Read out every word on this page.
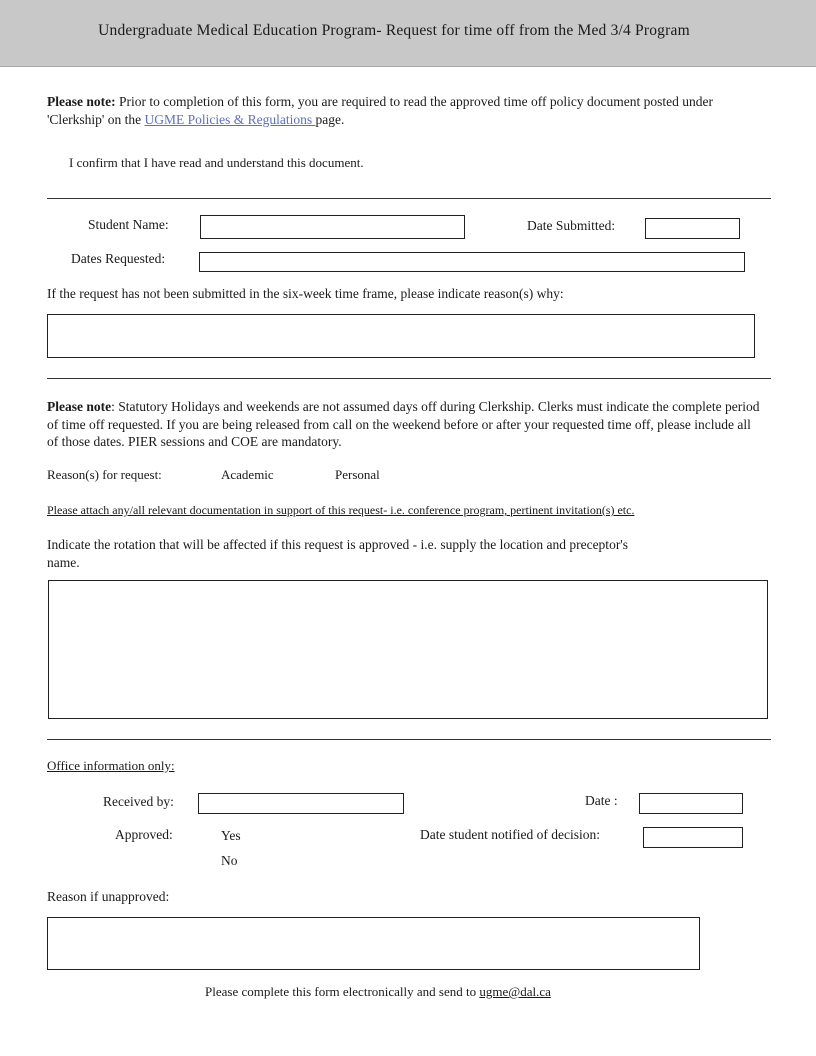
Undergraduate Medical Education Program- Request for time off from the Med 3/4 Program
Please note: Prior to completion of this form, you are required to read the approved time off policy document posted under 'Clerkship' on the UGME Policies & Regulations page.
I confirm that I have read and understand this document.
Student Name:	Date Submitted:
Dates Requested:
If the request has not been submitted in the six-week time frame, please indicate reason(s) why:
Please note: Statutory Holidays and weekends are not assumed days off during Clerkship. Clerks must indicate the complete period of time off requested. If you are being released from call on the weekend before or after your requested time off, please include all of those dates. PIER sessions and COE are mandatory.
Reason(s) for request:	Academic	Personal
Please attach any/all relevant documentation in support of this request- i.e. conference program, pertinent invitation(s) etc.
Indicate the rotation that will be affected if this request is approved - i.e. supply the location and preceptor's name.
Office information only:
Received by:	Date :
Approved:	Yes
No
Date student notified of decision:
Reason if unapproved:
Please complete this form electronically and send to ugme@dal.ca
